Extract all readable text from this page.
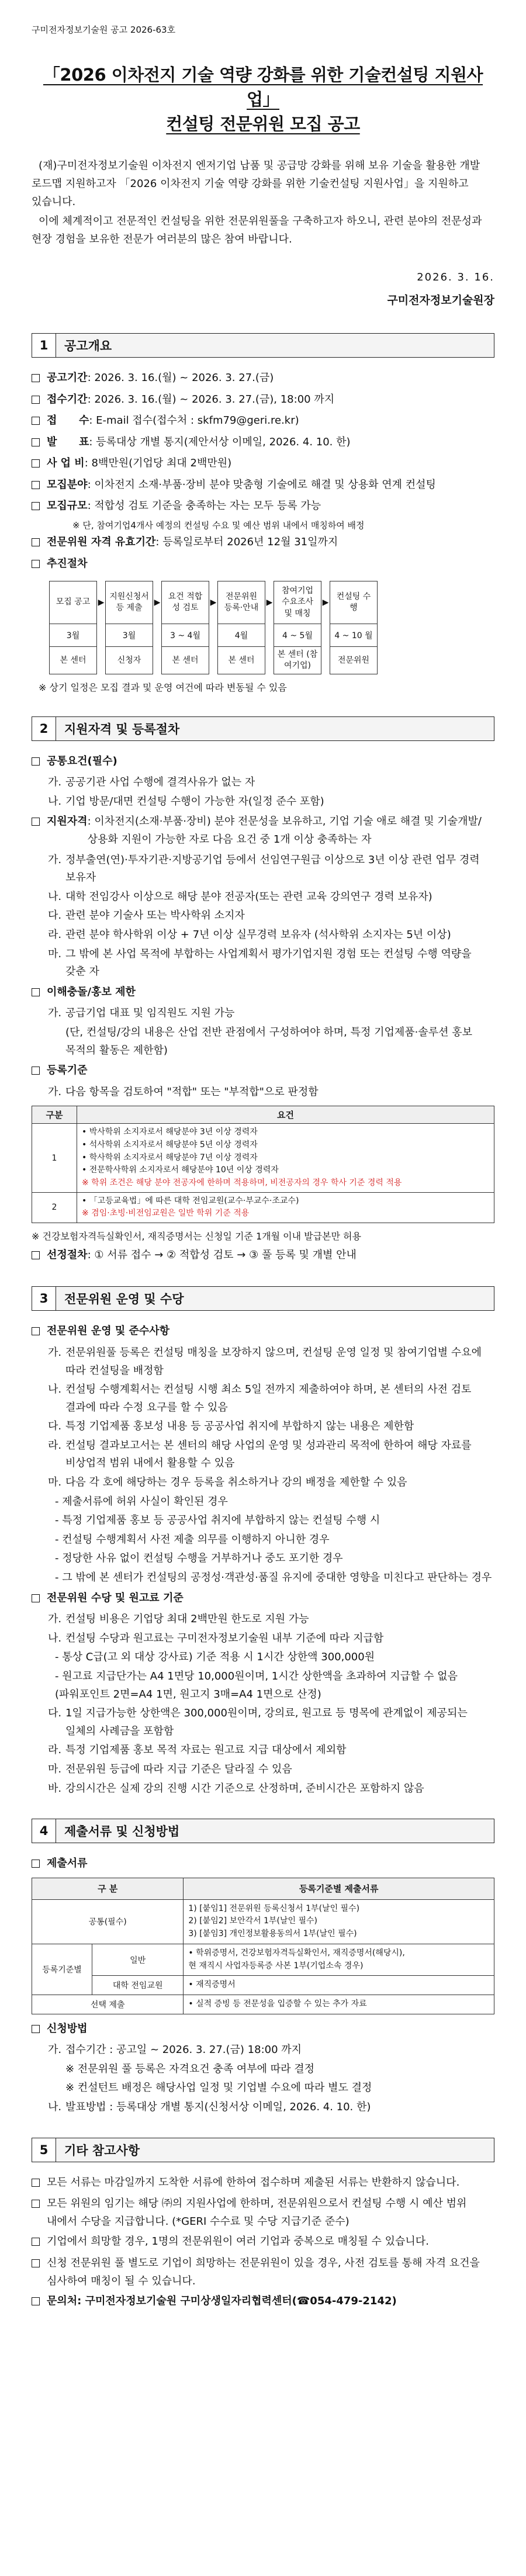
구미전자정보기술원 공고 2026-63호
「2026 이차전지 기술 역량 강화를 위한 기술컨설팅 지원사업」
컨설팅 전문위원 모집 공고

(재)구미전자정보기술원 이차전지 엔저기업 납품 및 공급망 강화를 위해 보유 기술을 활용한 개발 로드맵 지원하고자 「2026 이차전지 기술 역량 강화를 위한 기술컨설팅 지원사업」을 지원하고 있습니다.

이에 체계적이고 전문적인 컨설팅을 위한 전문위원풀을 구축하고자 하오니, 관련 분야의 전문성과 현장 경험을 보유한 전문가 여러분의 많은 참여 바랍니다.

2026. 3. 16.
구미전자정보기술원장
1	공고개요
공고기간 : 2026. 3. 16.(월) ~ 2026. 3. 27.(금)
접수기간 : 2026. 3. 16.(월) ~ 2026. 3. 27.(금), 18:00 까지
접      수 : E-mail 접수(접수처 : skfm79@geri.re.kr)
발      표 : 등록대상 개별 통지(제안서상 이메일, 2026. 4. 10. 한)
사 업 비 : 8백만원(기업당 최대 2백만원)
모집분야 : 이차전지 소재·부품·장비 분야 맞춤형 기술에로 해결 및 상용화 연계 컨설팅
모집규모 : 적합성 검토 기준을 충족하는 자는 모두 등록 가능
※ 단, 참여기업4개사 예정의 컨설팅 수요 및 예산 범위 내에서 매칭하여 배정
전문위원 자격 유효기간 : 등록일로부터 2026년 12월 31일까지
추진절차
모집 공고	▶	지원신청서 등 제출	▶	요건 적합성 검토	▶	전문위원 등록·안내	▶	참여기업 수요조사 및 매칭	▶	컨설팅 수행
3월		3월		3 ~ 4월		4월		4 ~ 5월		4 ~ 10 월
본 센터		신청자		본 센터		본 센터		본 센터 (참여기업)		전문위원
※ 상기 일정은 모집 결과 및 운영 여건에 따라 변동될 수 있음
2	지원자격 및 등록절차
공통요건(필수)
가. 공공기관 사업 수행에 결격사유가 없는 자
나. 기업 방문/대면 컨설팅 수행이 가능한 자(일정 준수 포함)
지원자격 : 이차전지(소재·부품·장비) 분야 전문성을 보유하고, 기업 기술 애로 해결 및 기술개발/상용화 지원이 가능한 자로 다음 요건 중 1개 이상 충족하는 자
가. 정부출연(연)·투자기관·지방공기업 등에서 선임연구원급 이상으로 3년 이상 관련 업무 경력 보유자
나. 대학 전임강사 이상으로 해당 분야 전공자(또는 관련 교육 강의연구 경력 보유자)
다. 관련 분야 기술사 또는 박사학위 소지자
라. 관련 분야 학사학위 이상 + 7년 이상 실무경력 보유자 (석사학위 소지자는 5년 이상)
마. 그 밖에 본 사업 목적에 부합하는 사업계획서 평가기업지원 경험 또는 컨설팅 수행 역량을 갖춘 자
이해충돌/홍보 제한
가. 공급기업 대표 및 임직원도 지원 가능
(단, 컨설팅/강의 내용은 산업 전반 관점에서 구성하여야 하며, 특정 기업제품·솔루션 홍보 목적의 활동은 제한함)
등록기준
가. 다음 항목을 검토하여 "적합" 또는 "부적합"으로 판정함
구분	요건
1	• 박사학위 소지자로서 해당분야 3년 이상 경력자
• 석사학위 소지자로서 해당분야 5년 이상 경력자
• 학사학위 소지자로서 해당분야 7년 이상 경력자
• 전문학사학위 소지자로서 해당분야 10년 이상 경력자
※ 학위 조건은 해당 분야 전공자에 한하며 적용하며, 비전공자의 경우 학사 기준 경력 적용

2	• 「고등교육법」에 따른 대학 전임교원(교수·부교수·조교수)
※ 겸임·초빙·비전임교원은 일반 학위 기준 적용
※ 건강보험자격득실확인서, 재직증명서는 신청일 기준 1개월 이내 발급본만 허용
선정절차 : ① 서류 접수 → ② 적합성 검토 → ③ 풀 등록 및 개별 안내
3	전문위원 운영 및 수당
전문위원 운영 및 준수사항
가. 전문위원풀 등록은 컨설팅 매칭을 보장하지 않으며, 컨설팅 운영 일정 및 참여기업별 수요에 따라 컨설팅을 배정함
나. 컨설팅 수행계획서는 컨설팅 시행 최소 5일 전까지 제출하여야 하며, 본 센터의 사전 검토 결과에 따라 수정 요구를 할 수 있음
다. 특정 기업제품 홍보성 내용 등 공공사업 취지에 부합하지 않는 내용은 제한함
라. 컨설팅 결과보고서는 본 센터의 해당 사업의 운영 및 성과관리 목적에 한하여 해당 자료를 비상업적 범위 내에서 활용할 수 있음
마. 다음 각 호에 해당하는 경우 등록을 취소하거나 강의 배정을 제한할 수 있음
- 제출서류에 허위 사실이 확인된 경우
- 특정 기업제품 홍보 등 공공사업 취지에 부합하지 않는 컨설팅 수행 시
- 컨설팅 수행계획서 사전 제출 의무를 이행하지 아니한 경우
- 정당한 사유 없이 컨설팅 수행을 거부하거나 중도 포기한 경우
- 그 밖에 본 센터가 컨설팅의 공정성·객관성·품질 유지에 중대한 영향을 미친다고 판단하는 경우
전문위원 수당 및 원고료 기준
가. 컨설팅 비용은 기업당 최대 2백만원 한도로 지원 가능
나. 컨설팅 수당과 원고료는 구미전자정보기술원 내부 기준에 따라 지급함
- 통상 C급(고 외 대상 강사료) 기준 적용 시 1시간 상한액 300,000원
- 원고료 지급단가는 A4 1면당 10,000원이며, 1시간 상한액을 초과하여 지급할 수 없음 (파워포인트 2면=A4 1면, 원고지 3매=A4 1면으로 산정)
다. 1일 지급가능한 상한액은 300,000원이며, 강의료, 원고료 등 명목에 관계없이 제공되는 일체의 사례금을 포함함
라. 특정 기업제품 홍보 목적 자료는 원고료 지급 대상에서 제외함
마. 전문위원 등급에 따라 지급 기준은 달라질 수 있음
바. 강의시간은 실제 강의 진행 시간 기준으로 산정하며, 준비시간은 포함하지 않음
4	제출서류 및 신청방법
제출서류
구 분		등록기준별 제출서류
공통(필수)		1) [붙임1] 전문위원 등록신청서 1부(날인 필수)
2) [붙임2] 보안각서 1부(날인 필수)
3) [붙임3] 개인정보활용동의서 1부(날인 필수)

등록기준별	일반	• 학위증명서, 건강보험자격득실확인서, 재직증명서(해당시),
현 재직시 사업자등록증 사본 1부(기업소속 경우)

	대학 전임교원	• 재직증명서

선택 제출		• 실적 증빙 등 전문성을 입증할 수 있는 추가 자료
신청방법
가. 접수기간 : 공고일 ~ 2026. 3. 27.(금) 18:00 까지
※ 전문위원 풀 등록은 자격요건 충족 여부에 따라 결정
※ 컨설턴트 배정은 해당사업 일정 및 기업별 수요에 따라 별도 결정
나. 발표방법 : 등록대상 개별 통지(신청서상 이메일, 2026. 4. 10. 한)
5	기타 참고사항
모든 서류는 마감일까지 도착한 서류에 한하여 접수하며 제출된 서류는 반환하지 않습니다.
모든 위원의 임기는 해당 ㈜의 지원사업에 한하며, 전문위원으로서 컨설팅 수행 시 예산 범위 내에서 수당을 지급합니다. (*GERI 수수료 및 수당 지급기준 준수)
기업에서 희망할 경우, 1명의 전문위원이 여러 기업과 중복으로 매칭될 수 있습니다.
신청 전문위원 풀 별도로 기업이 희망하는 전문위원이 있을 경우, 사전 검토를 통해 자격 요건을 심사하여 매칭이 될 수 있습니다.
문의처 : 구미전자정보기술원 구미상생일자리협력센터(☎054-479-2142)
